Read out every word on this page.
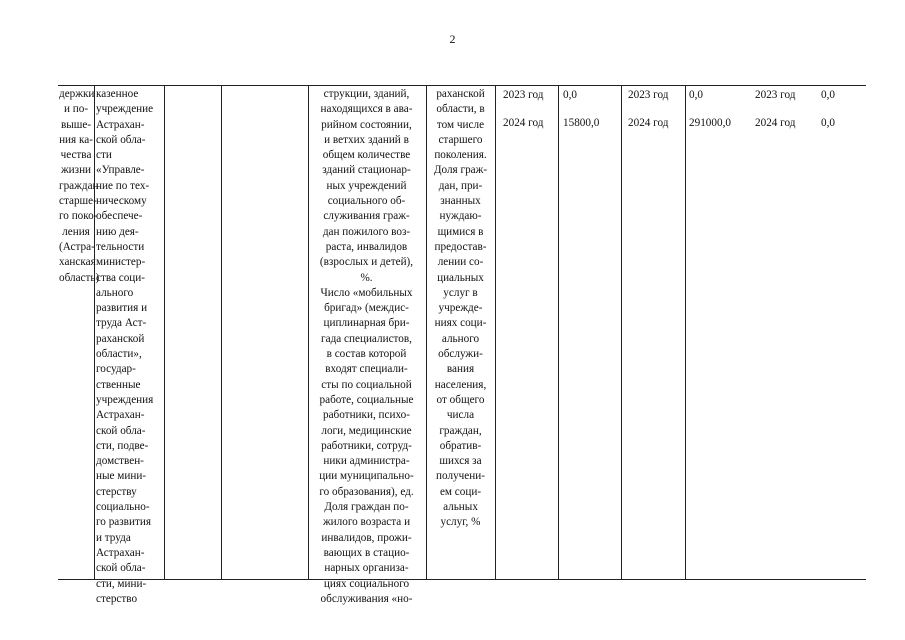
2
держки
и по-
выше-
ния ка-
чества
жизни
граждан
старше-
го поко-
ления
(Астра-
ханская
область)
казенное
учреждение
Астрахан-
ской обла-
сти
«Управле-
ние по тех-
ническому
обеспече-
нию дея-
тельности
министер-
ства соци-
ального
развития и
труда Аст-
раханской
области»,
государ-
ственные
учреждения
Астрахан-
ской обла-
сти, подве-
домствен-
ные мини-
стерству
социально-
го развития
и труда
Астрахан-
ской обла-
сти, мини-
стерство
струкции, зданий,
находящихся в ава-
рийном состоянии,
и ветхих зданий в
общем количестве
зданий стационар-
ных учреждений
социального об-
служивания граж-
дан пожилого воз-
раста, инвалидов
(взрослых и детей),
%.
Число «мобильных
бригад» (междис-
циплинарная бри-
гада специалистов,
в состав которой
входят специали-
сты по социальной
работе, социальные
работники, психо-
логи, медицинские
работники, сотруд-
ники администра-
ции муниципально-
го образования), ед.
Доля граждан по-
жилого возраста и
инвалидов, прожи-
вающих в стацио-
нарных организа-
циях социального
обслуживания «но-
раханской
области, в
том числе
старшего
поколения.
Доля граж-
дан, при-
знанных
нуждаю-
щимися в
предостав-
лении со-
циальных
услуг в
учрежде-
ниях соци-
ального
обслужи-
вания
населения,
от общего
числа
граждан,
обратив-
шихся за
получени-
ем соци-
альных
услуг, %
2023 год 0,0
2024 год 15800,0
2023 год 0,0
2024 год 291000,0
2023 год 0,0
2024 год 0,0
